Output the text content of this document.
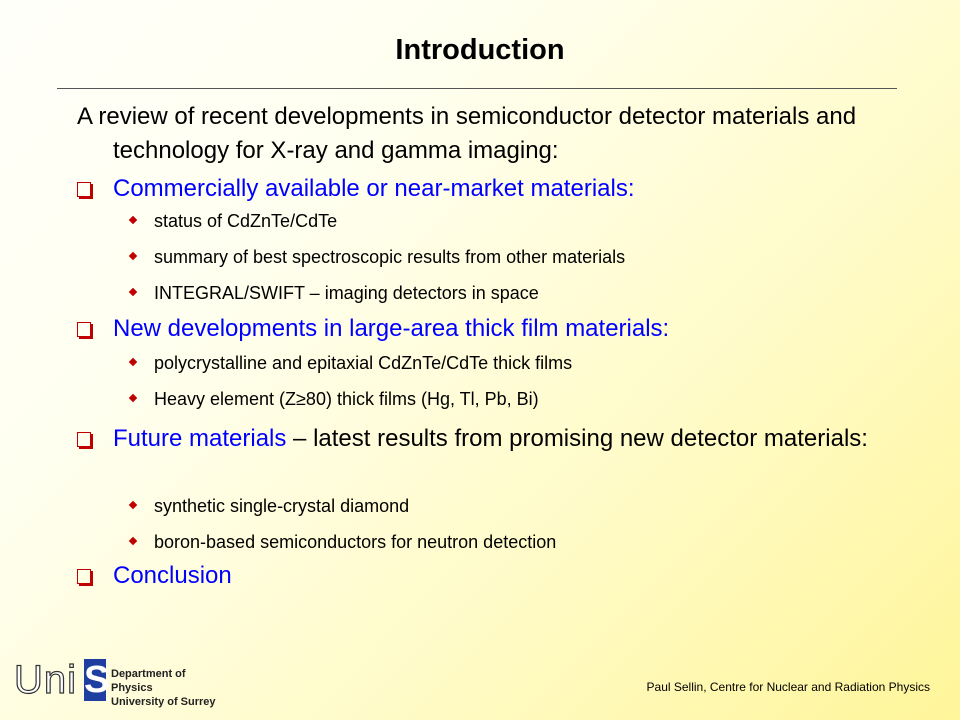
Introduction
A review of recent developments in semiconductor detector materials and technology for X-ray and gamma imaging:
Commercially available or near-market materials:
status of CdZnTe/CdTe
summary of best spectroscopic results from other materials
INTEGRAL/SWIFT – imaging detectors in space
New developments in large-area thick film materials:
polycrystalline and epitaxial CdZnTe/CdTe thick films
Heavy element (Z≥80) thick films (Hg, Tl, Pb, Bi)
Future materials – latest results from promising new detector materials:
synthetic single-crystal diamond
boron-based semiconductors for neutron detection
Conclusion
Uni S Department of Physics
University of Surrey
Paul Sellin, Centre for Nuclear and Radiation Physics
